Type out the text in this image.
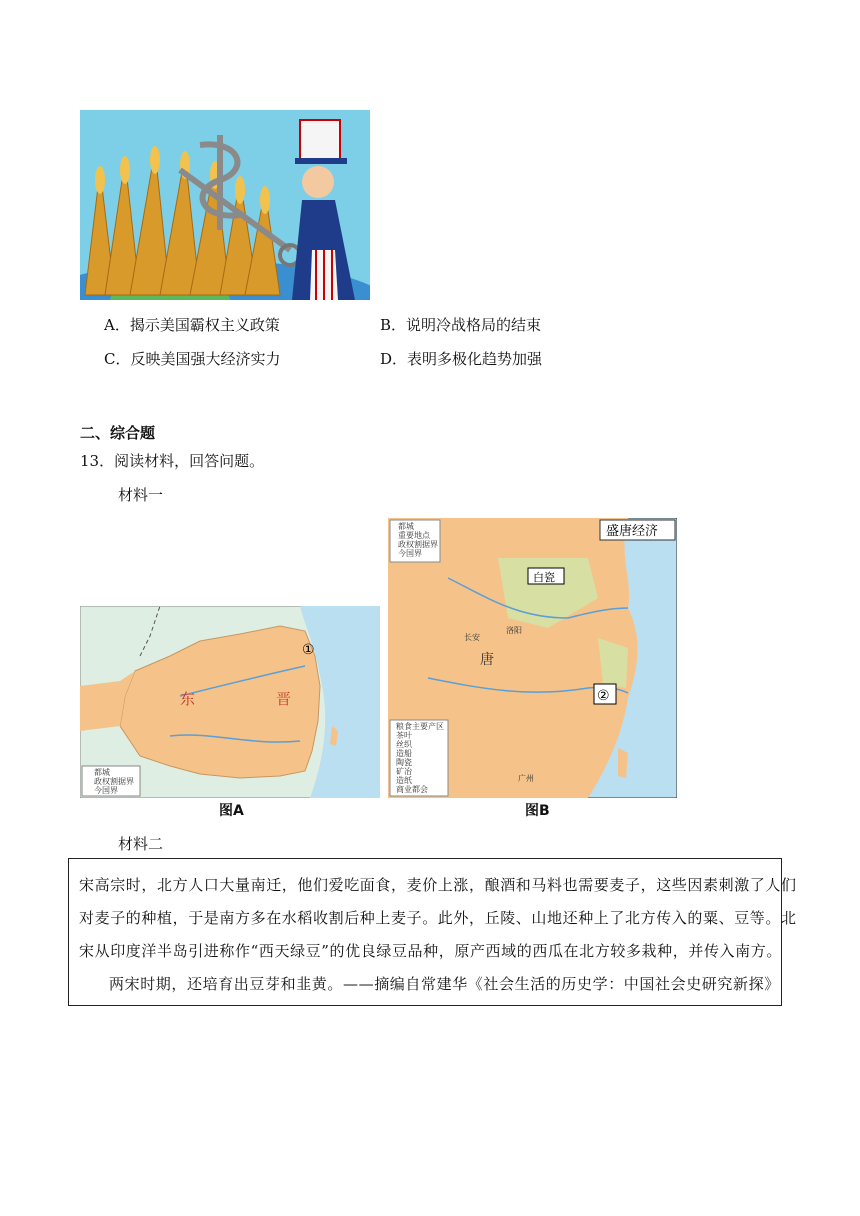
A．揭示美国霸权主义政策	B．说明冷战格局的结束
C．反映美国强大经济实力	D．表明多极化趋势加强
二、综合题
13．阅读材料，回答问题。
材料一
东	晋
①
都城
政权割据界
今国界
图A
盛唐经济
白瓷
唐
②
长安
洛阳
广州
都城
重要地点
政权割据界
今国界
粮食主要产区
茶叶
丝织
造船
陶瓷
矿冶
造纸
商业都会
图B
材料二

宋高宗时，北方人口大量南迁，他们爱吃面食，麦价上涨，酿酒和马料也需要麦子，这些因素刺激了人们

对麦子的种植，于是南方多在水稻收割后种上麦子。此外，丘陵、山地还种上了北方传入的粟、豆等。北

宋从印度洋半岛引进称作“西天绿豆”的优良绿豆品种，原产西域的西瓜在北方较多栽种，并传入南方。

两宋时期，还培育出豆芽和韭黄。——摘编自常建华《社会生活的历史学：中国社会史研究新探》
